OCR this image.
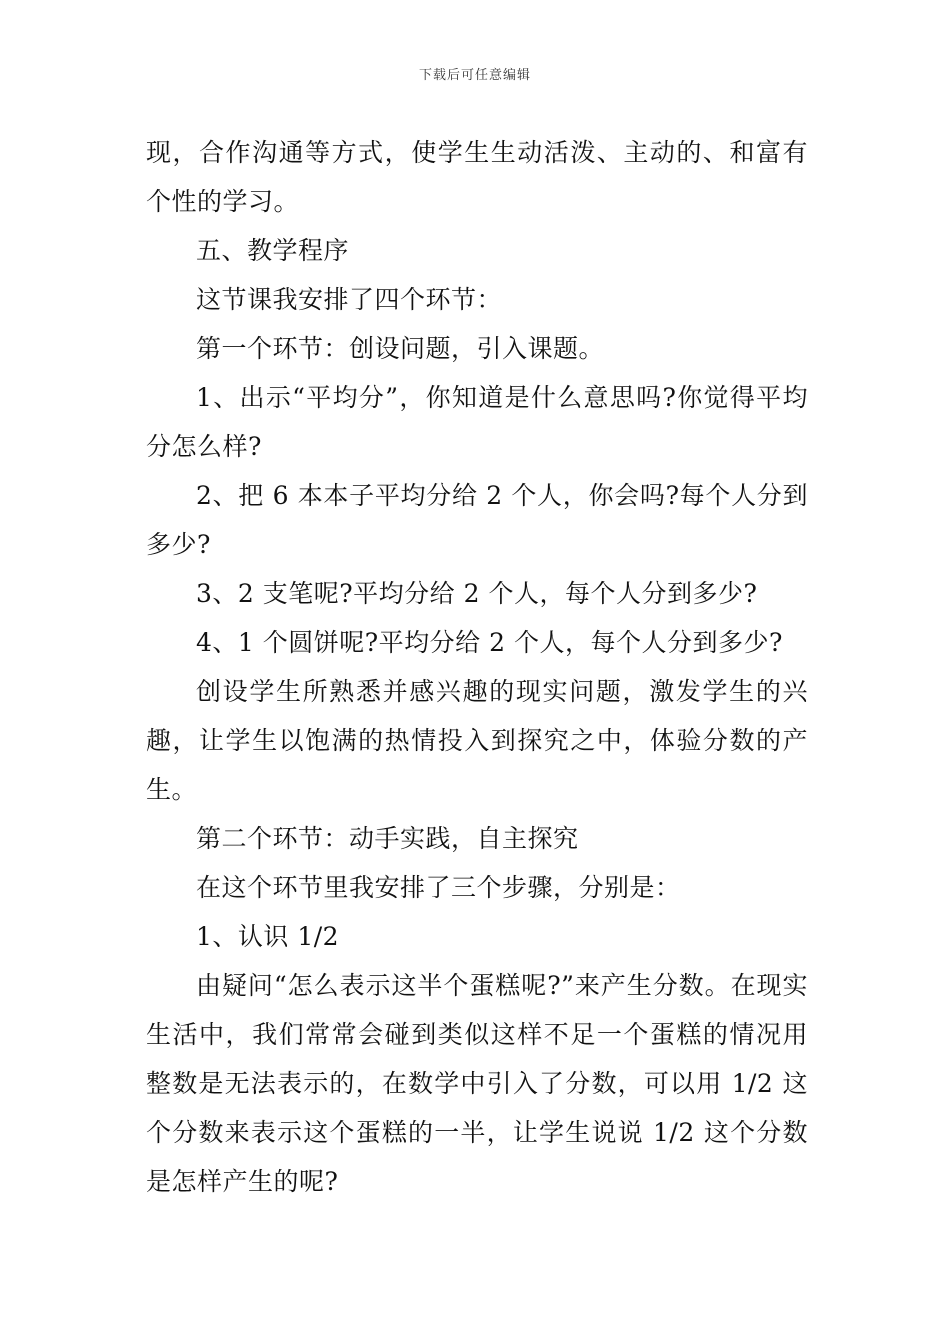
下载后可任意编辑

现，合作沟通等方式，使学生生动活泼、主动的、和富有个性的学习。

五、教学程序

这节课我安排了四个环节：

第一个环节：创设问题，引入课题。

1、出示“平均分”，你知道是什么意思吗?你觉得平均分怎么样?

2、把 6 本本子平均分给 2 个人，你会吗?每个人分到多少?

3、2 支笔呢?平均分给 2 个人，每个人分到多少?

4、1 个圆饼呢?平均分给 2 个人，每个人分到多少?

创设学生所熟悉并感兴趣的现实问题，激发学生的兴趣，让学生以饱满的热情投入到探究之中，体验分数的产生。

第二个环节：动手实践，自主探究

在这个环节里我安排了三个步骤，分别是：

1、认识 1/2

由疑问“怎么表示这半个蛋糕呢?”来产生分数。在现实生活中，我们常常会碰到类似这样不足一个蛋糕的情况用整数是无法表示的，在数学中引入了分数，可以用 1/2 这个分数来表示这个蛋糕的一半，让学生说说 1/2 这个分数是怎样产生的呢?
